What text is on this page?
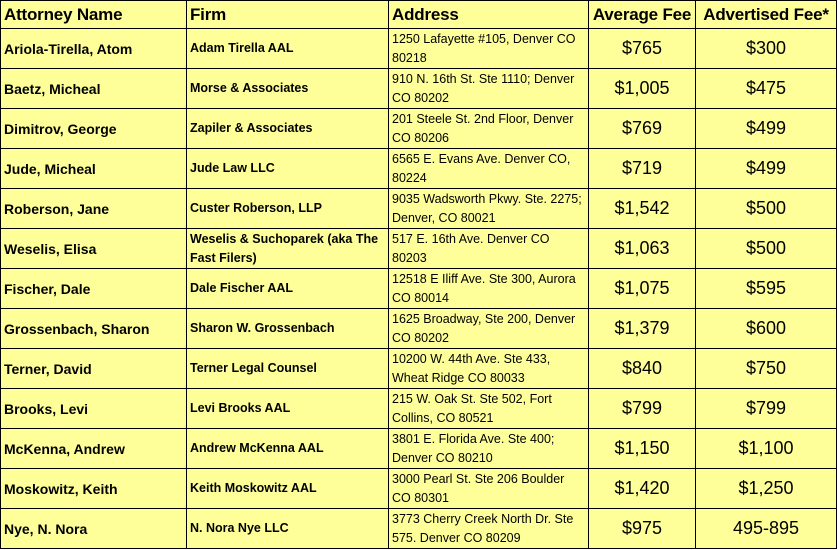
Attorney Name	Firm	Address	Average Fee	Advertised Fee*
Ariola-Tirella, Atom	Adam Tirella AAL	1250 Lafayette #105, Denver CO 80218	$765	$300
Baetz, Micheal	Morse & Associates	910 N. 16th St. Ste 1110; Denver CO 80202	$1,005	$475
Dimitrov, George	Zapiler & Associates	201 Steele St. 2nd Floor, Denver CO 80206	$769	$499
Jude, Micheal	Jude Law LLC	6565 E. Evans Ave. Denver CO, 80224	$719	$499
Roberson, Jane	Custer Roberson, LLP	9035 Wadsworth Pkwy. Ste. 2275; Denver, CO 80021	$1,542	$500
Weselis, Elisa	Weselis & Suchoparek (aka The Fast Filers)	517 E. 16th Ave. Denver CO 80203	$1,063	$500
Fischer, Dale	Dale Fischer AAL	12518 E Iliff Ave. Ste 300, Aurora CO 80014	$1,075	$595
Grossenbach, Sharon	Sharon W. Grossenbach	1625 Broadway, Ste 200, Denver CO 80202	$1,379	$600
Terner, David	Terner Legal Counsel	10200 W. 44th Ave. Ste 433, Wheat Ridge CO 80033	$840	$750
Brooks, Levi	Levi Brooks AAL	215 W. Oak St. Ste 502, Fort Collins, CO 80521	$799	$799
McKenna, Andrew	Andrew McKenna AAL	3801 E. Florida Ave. Ste 400; Denver CO 80210	$1,150	$1,100
Moskowitz, Keith	Keith Moskowitz AAL	3000 Pearl St. Ste 206 Boulder CO 80301	$1,420	$1,250
Nye, N. Nora	N. Nora Nye LLC	3773 Cherry Creek North Dr. Ste 575. Denver CO 80209	$975	495-895
